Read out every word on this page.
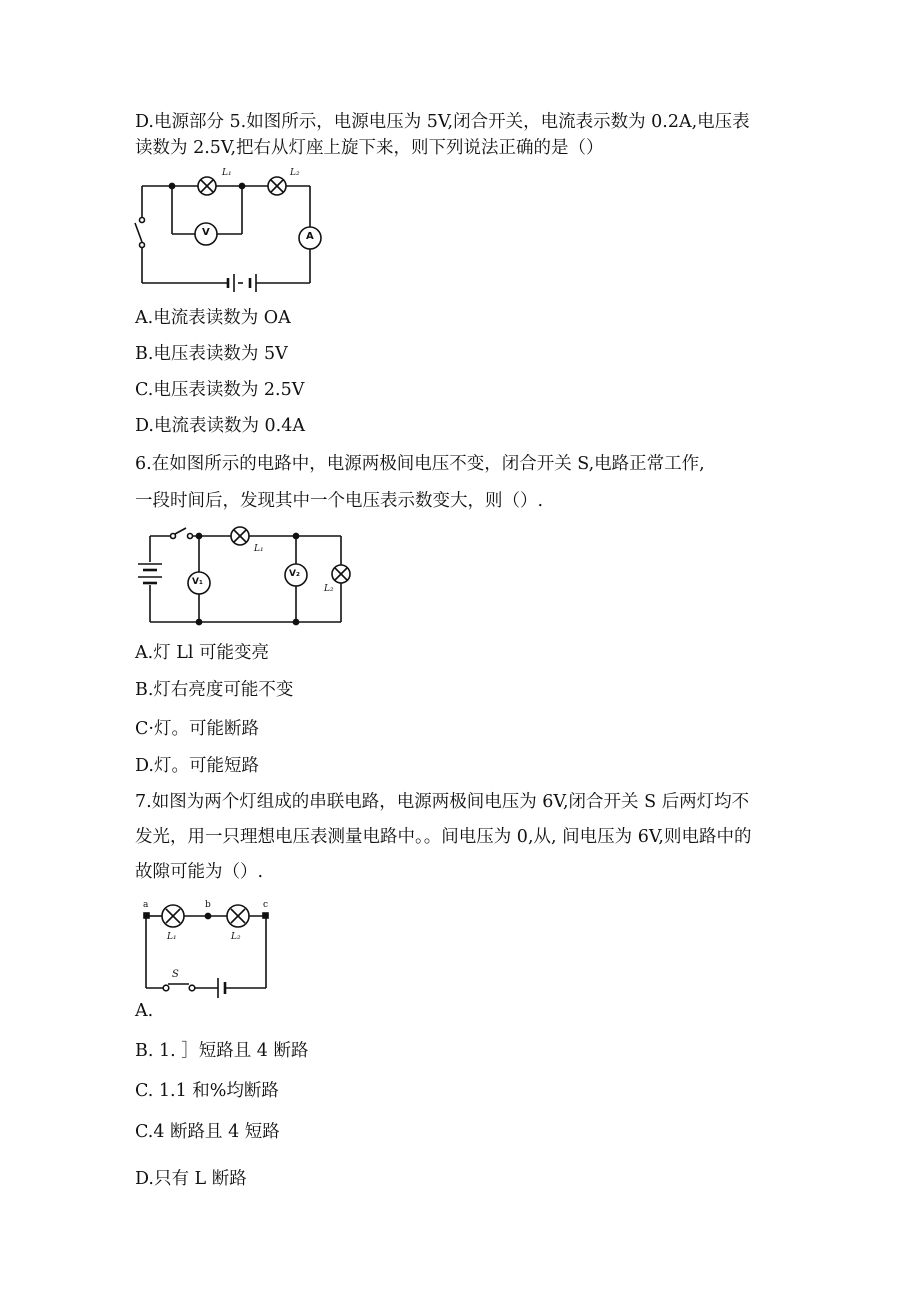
D.电源部分 5.如图所示，电源电压为 5V,闭合开关，电流表示数为 0.2A,电压表
读数为 2.5V,把右从灯座上旋下来，则下列说法正确的是（）
L₁	L₂
V	A
A.电流表读数为 OA
B.电压表读数为 5V
C.电压表读数为 2.5V
D.电流表读数为 0.4A
6.在如图所示的电路中，电源两极间电压不变，闭合开关 S,电路正常工作,
一段时间后，发现其中一个电压表示数变大，则（）.
L₁
L₂
V₁
V₂
A.灯 Ll 可能变亮
B.灯右亮度可能不变
C·灯。可能断路
D.灯。可能短路
7.如图为两个灯组成的串联电路，电源两极间电压为 6V,闭合开关 S 后两灯均不
发光，用一只理想电压表测量电路中。。间电压为 0,从, 间电压为 6V,则电路中的
故隙可能为（）.
a	b	c
L₁	L₂
S
A.
B. 1. ］短路且 4 断路
C. 1.1 和%均断路
C.4 断路且 4 短路
D.只有 L 断路
